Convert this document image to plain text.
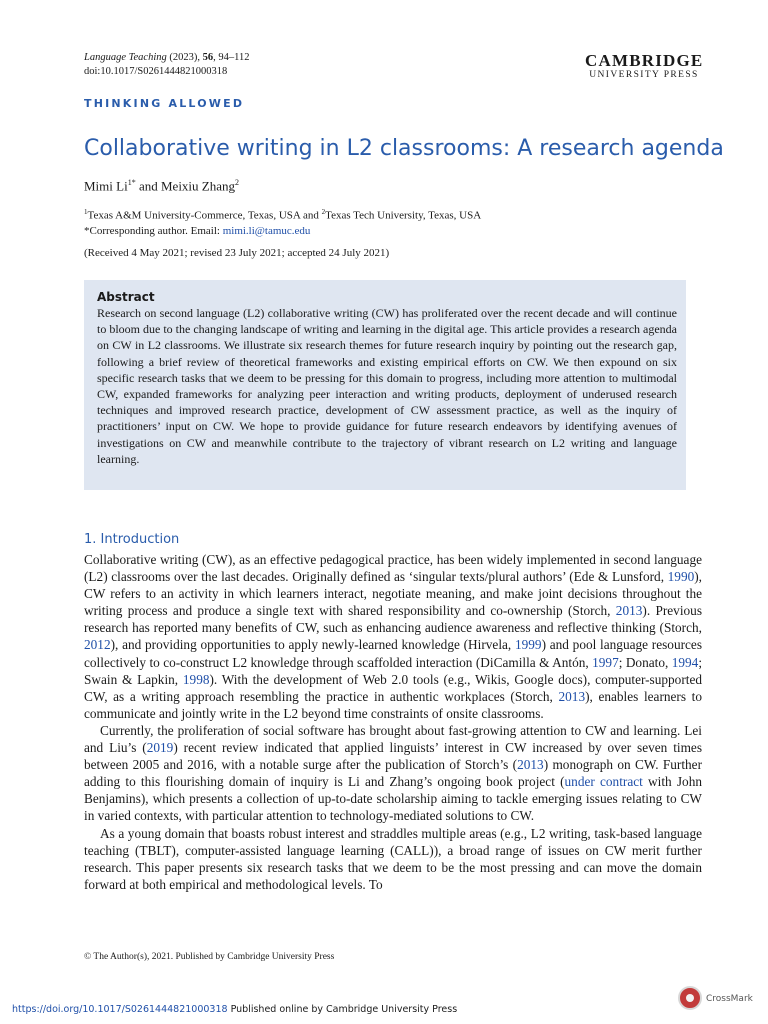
Language Teaching (2023), 56, 94–112
doi:10.1017/S0261444821000318
CAMBRIDGE
UNIVERSITY PRESS
THINKING ALLOWED
Collaborative writing in L2 classrooms: A research agenda
Mimi $Li^{1*}$ and Meixiu Zhang$^2$
$^1$Texas A&M University-Commerce, Texas, USA and $^2$Texas Tech University, Texas, USA
*Corresponding author. Email: mimi.li@tamuc.edu
(Received 4 May 2021; revised 23 July 2021; accepted 24 July 2021)
Abstract
Research on second language (L2) collaborative writing (CW) has proliferated over the recent decade and will continue to bloom due to the changing landscape of writing and learning in the digital age. This article provides a research agenda on CW in L2 classrooms. We illustrate six research themes for future research inquiry by pointing out the research gap, following a brief review of theoretical frameworks and existing empirical efforts on CW. We then expound on six specific research tasks that we deem to be pressing for this domain to progress, including more attention to multimodal CW, expanded frameworks for analyzing peer interaction and writing products, deployment of underused research techniques and improved research practice, development of CW assessment practice, as well as the inquiry of practitioners’ input on CW. We hope to provide guidance for future research endeavors by identifying avenues of investigations on CW and meanwhile contribute to the trajectory of vibrant research on L2 writing and language learning.
1. Introduction

Collaborative writing (CW), as an effective pedagogical practice, has been widely implemented in second language (L2) classrooms over the last decades. Originally defined as ‘singular texts/plural authors’ (Ede & Lunsford, 1990), CW refers to an activity in which learners interact, negotiate meaning, and make joint decisions throughout the writing process and produce a single text with shared responsibility and co-ownership (Storch, 2013). Previous research has reported many benefits of CW, such as enhancing audience awareness and reflective thinking (Storch, 2012), and providing opportunities to apply newly-learned knowledge (Hirvela, 1999) and pool language resources collectively to co-construct L2 knowledge through scaffolded interaction (DiCamilla & Antón, 1997; Donato, 1994; Swain & Lapkin, 1998). With the development of Web 2.0 tools (e.g., Wikis, Google docs), computer-supported CW, as a writing approach resembling the practice in authentic workplaces (Storch, 2013), enables learners to communicate and jointly write in the L2 beyond time constraints of onsite classrooms.

Currently, the proliferation of social software has brought about fast-growing attention to CW and learning. Lei and Liu’s (2019) recent review indicated that applied linguists’ interest in CW increased by over seven times between 2005 and 2016, with a notable surge after the publication of Storch’s (2013) monograph on CW. Further adding to this flourishing domain of inquiry is Li and Zhang’s ongoing book project (under contract with John Benjamins), which presents a collection of up-to-date scholarship aiming to tackle emerging issues relating to CW in varied contexts, with particular attention to technology-mediated solutions to CW.

As a young domain that boasts robust interest and straddles multiple areas (e.g., L2 writing, task-based language teaching (TBLT), computer-assisted language learning (CALL)), a broad range of issues on CW merit further research. This paper presents six research tasks that we deem to be the most pressing and can move the domain forward at both empirical and methodological levels. To

© The Author(s), 2021. Published by Cambridge University Press
https://doi.org/10.1017/S0261444821000318 Published online by Cambridge University Press
CrossMark
